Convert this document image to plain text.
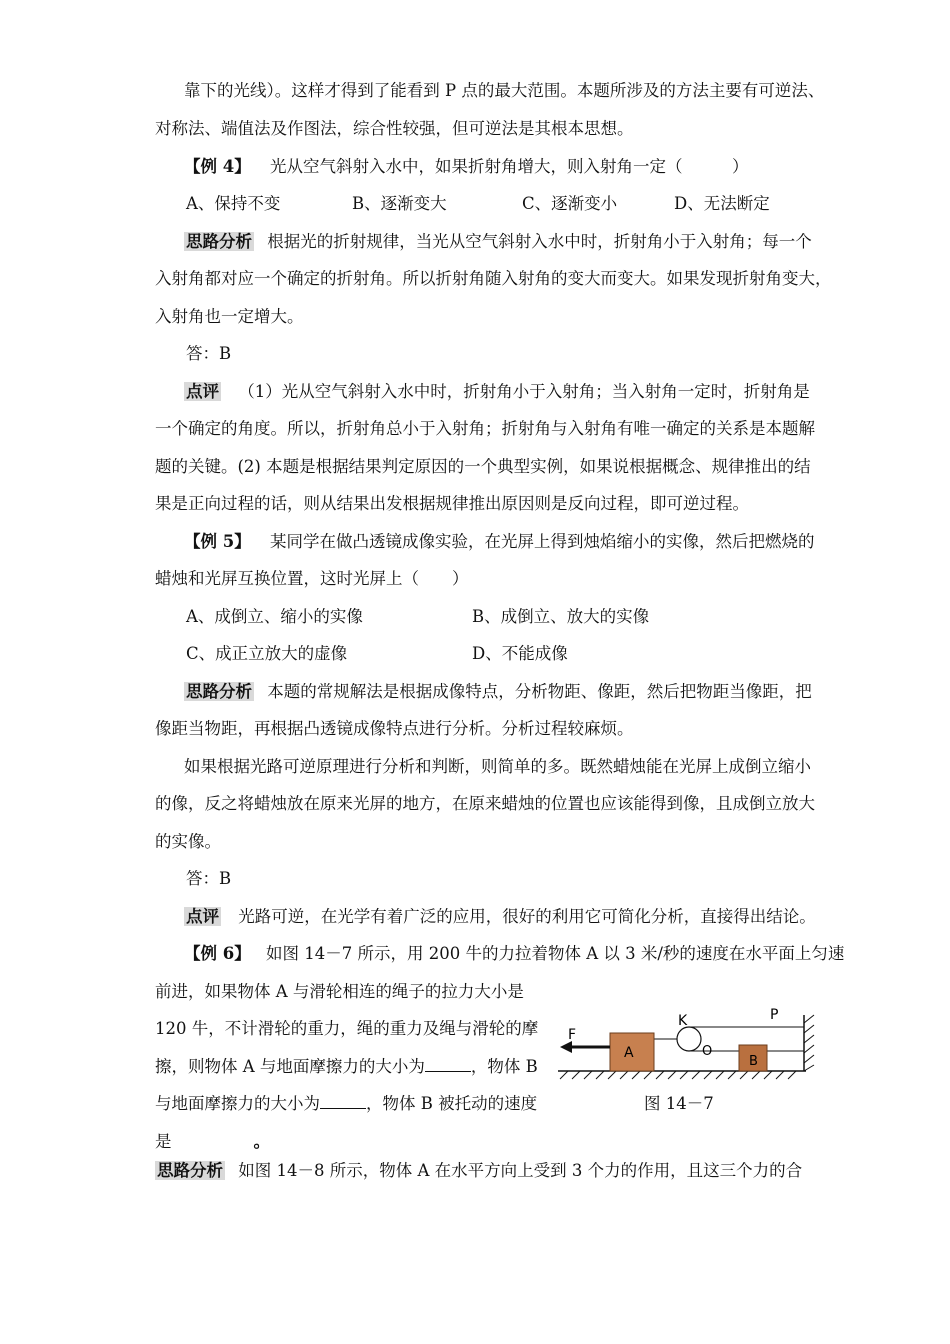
靠下的光线）。这样才得到了能看到 P 点的最大范围。本题所涉及的方法主要有可逆法、
对称法、端值法及作图法，综合性较强，但可逆法是其根本思想。
【例 4】 光从空气斜射入水中，如果折射角增大，则入射角一定（　　　）
A、保持不变	B、逐渐变大	C、逐渐变小	D、无法断定
思路分析 根据光的折射规律，当光从空气斜射入水中时，折射角小于入射角；每一个
入射角都对应一个确定的折射角。所以折射角随入射角的变大而变大。如果发现折射角变大，
入射角也一定增大。
答：B
点评 （1）光从空气斜射入水中时，折射角小于入射角；当入射角一定时，折射角是
一个确定的角度。所以，折射角总小于入射角；折射角与入射角有唯一确定的关系是本题解
题的关键。(2) 本题是根据结果判定原因的一个典型实例，如果说根据概念、规律推出的结
果是正向过程的话，则从结果出发根据规律推出原因则是反向过程，即可逆过程。
【例 5】 某同学在做凸透镜成像实验，在光屏上得到烛焰缩小的实像，然后把燃烧的
蜡烛和光屏互换位置，这时光屏上（　　）
A、成倒立、缩小的实像	B、成倒立、放大的实像
C、成正立放大的虚像	D、不能成像
思路分析 本题的常规解法是根据成像特点，分析物距、像距，然后把物距当像距，把
像距当物距，再根据凸透镜成像特点进行分析。分析过程较麻烦。
如果根据光路可逆原理进行分析和判断，则简单的多。既然蜡烛能在光屏上成倒立缩小
的像，反之将蜡烛放在原来光屏的地方，在原来蜡烛的位置也应该能得到像，且成倒立放大
的实像。
答：B
点评 光路可逆，在光学有着广泛的应用，很好的利用它可简化分析，直接得出结论。
【例 6】 如图 14－7 所示，用 200 牛的力拉着物体 A 以 3 米/秒的速度在水平面上匀速
前进，如果物体 A 与滑轮相连的绳子的拉力大小是
120 牛，不计滑轮的重力，绳的重力及绳与滑轮的摩
擦，则物体 A 与地面摩擦力的大小为	，物体 B
与地面摩擦力的大小为	，物体 B 被托动的速度
是	。
F
A
K
O
P
B
图 14－7
思路分析 如图 14－8 所示，物体 A 在水平方向上受到 3 个力的作用，且这三个力的合
